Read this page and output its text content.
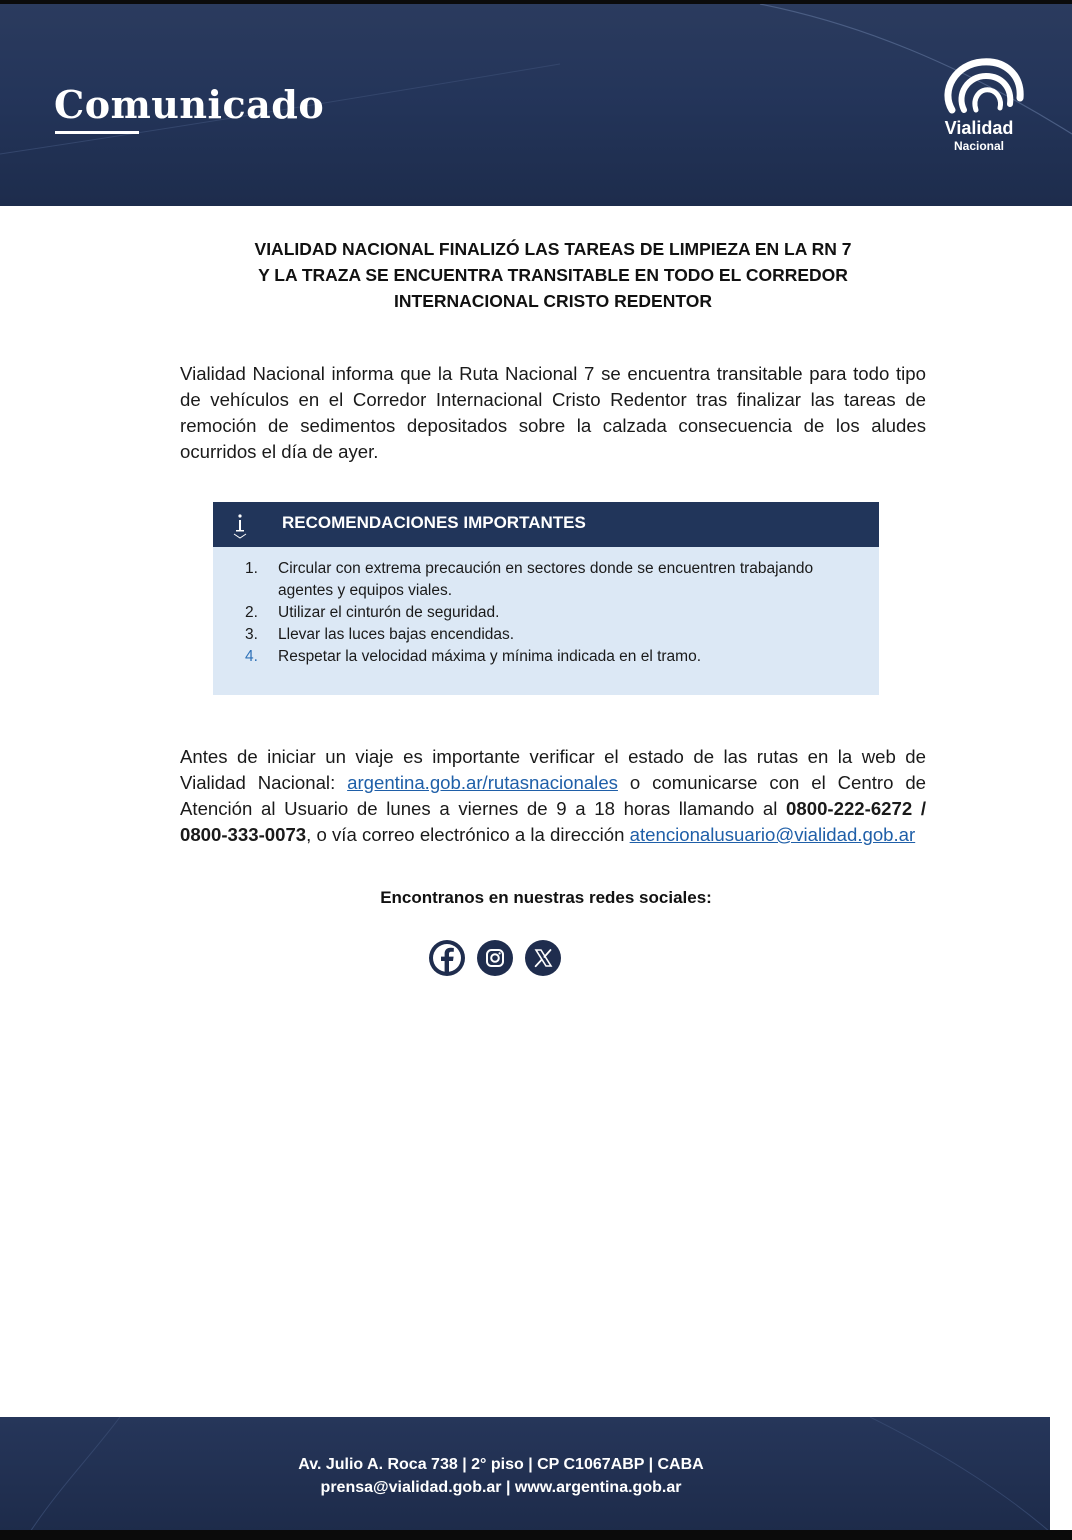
Comunicado
Vialidad
Nacional
VIALIDAD NACIONAL FINALIZÓ LAS TAREAS DE LIMPIEZA EN LA RN 7
Y LA TRAZA SE ENCUENTRA TRANSITABLE EN TODO EL CORREDOR
INTERNACIONAL CRISTO REDENTOR
Vialidad Nacional informa que la Ruta Nacional 7 se encuentra transitable para todo tipo de vehículos en el Corredor Internacional Cristo Redentor tras finalizar las tareas de remoción de sedimentos depositados sobre la calzada consecuencia de los aludes ocurridos el día de ayer.
RECOMENDACIONES IMPORTANTES
1. Circular con extrema precaución en sectores donde se encuentren trabajando agentes y equipos viales.
2. Utilizar el cinturón de seguridad.
3. Llevar las luces bajas encendidas.
4. Respetar la velocidad máxima y mínima indicada en el tramo.
Antes de iniciar un viaje es importante verificar el estado de las rutas en la web de Vialidad Nacional: argentina.gob.ar/rutasnacionales o comunicarse con el Centro de Atención al Usuario de lunes a viernes de 9 a 18 horas llamando al 0800-222-6272 / 0800-333-0073, o vía correo electrónico a la dirección atencionalusuario@vialidad.gob.ar
Encontranos en nuestras redes sociales:
Av. Julio A. Roca 738 | 2° piso | CP C1067ABP | CABA
prensa@vialidad.gob.ar | www.argentina.gob.ar
